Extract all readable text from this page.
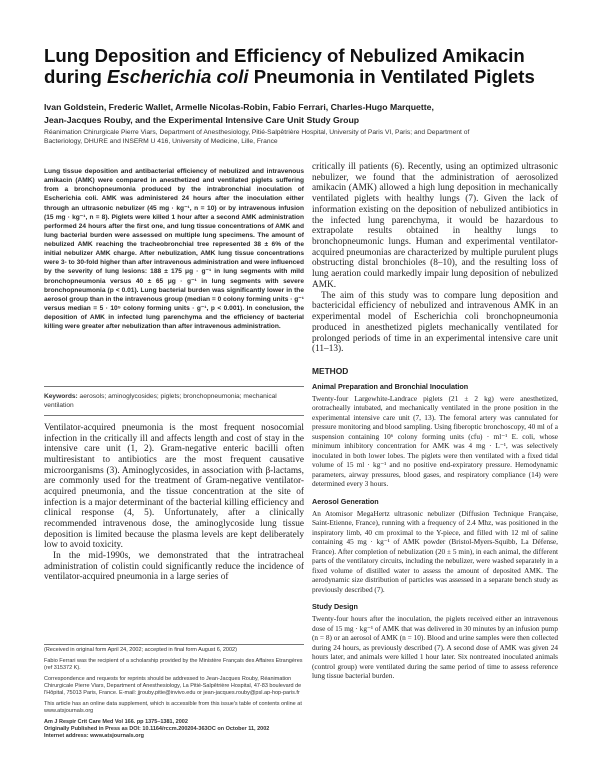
Lung Deposition and Efficiency of Nebulized Amikacin
during Escherichia coli Pneumonia in Ventilated Piglets
Ivan Goldstein, Frederic Wallet, Armelle Nicolas-Robin, Fabio Ferrari, Charles-Hugo Marquette,
Jean-Jacques Rouby, and the Experimental Intensive Care Unit Study Group
Réanimation Chirurgicale Pierre Viars, Department of Anesthesiology, Pitié-Salpêtrière Hospital, University of Paris VI, Paris; and Department of
Bacteriology, DHURE and INSERM U 416, University of Medicine, Lille, France

Lung tissue deposition and antibacterial efficiency of nebulized and intravenous amikacin (AMK) were compared in anesthetized and ventilated piglets suffering from a bronchopneumonia produced by the intrabronchial inoculation of Escherichia coli. AMK was administered 24 hours after the inoculation either through an ultrasonic nebulizer (45 mg · kg⁻¹, n = 10) or by intravenous infusion (15 mg · kg⁻¹, n = 8). Piglets were killed 1 hour after a second AMK administration performed 24 hours after the first one, and lung tissue concentrations of AMK and lung bacterial burden were assessed on multiple lung specimens. The amount of nebulized AMK reaching the tracheobronchial tree represented 38 ± 6% of the initial nebulizer AMK charge. After nebulization, AMK lung tissue concentrations were 3- to 30-fold higher than after intravenous administration and were influenced by the severity of lung lesions: 188 ± 175 μg · g⁻¹ in lung segments with mild bronchopneumonia versus 40 ± 65 μg · g⁻¹ in lung segments with severe bronchopneumonia (p < 0.01). Lung bacterial burden was significantly lower in the aerosol group than in the intravenous group (median = 0 colony forming units · g⁻¹ versus median = 5 · 10⁵ colony forming units · g⁻¹, p < 0.001). In conclusion, the deposition of AMK in infected lung parenchyma and the efficiency of bacterial killing were greater after nebulization than after intravenous administration.

Keywords: aerosols; aminoglycosides; piglets; bronchopneumonia; mechanical ventilation

Ventilator-acquired pneumonia is the most frequent nosocomial infection in the critically ill and affects length and cost of stay in the intensive care unit (1, 2). Gram-negative enteric bacilli often multiresistant to antibiotics are the most frequent causative microorganisms (3). Aminoglycosides, in association with β-lactams, are commonly used for the treatment of Gram-negative ventilator-acquired pneumonia, and the tissue concentration at the site of infection is a major determinant of the bacterial killing efficiency and clinical response (4, 5). Unfortunately, after a clinically recommended intravenous dose, the aminoglycoside lung tissue deposition is limited because the plasma levels are kept deliberately low to avoid toxicity.

In the mid-1990s, we demonstrated that the intratracheal administration of colistin could significantly reduce the incidence of ventilator-acquired pneumonia in a large series of

(Received in original form April 24, 2002; accepted in final form August 6, 2002)

Fabio Ferrari was the recipient of a scholarship provided by the Ministère Français des Affaires Etrangères (ref 315372 K).

Correspondence and requests for reprints should be addressed to Jean-Jacques Rouby, Réanimation Chirurgicale Pierre Viars, Department of Anesthesiology, La Pitié-Salpêtrière Hospital, 47-83 boulevard de l'Hôpital, 75013 Paris, France. E-mail: jjrouby.pitie@invivo.edu or jean-jacques.rouby@psl.ap-hop-paris.fr

This article has an online data supplement, which is accessible from this issue's table of contents online at www.atsjournals.org

Am J Respir Crit Care Med Vol 166. pp 1375–1381, 2002

Originally Published in Press as DOI: 10.1164/rccm.200204-363OC on October 11, 2002

Internet address: www.atsjournals.org

critically ill patients (6). Recently, using an optimized ultrasonic nebulizer, we found that the administration of aerosolized amikacin (AMK) allowed a high lung deposition in mechanically ventilated piglets with healthy lungs (7). Given the lack of information existing on the deposition of nebulized antibiotics in the infected lung parenchyma, it would be hazardous to extrapolate results obtained in healthy lungs to bronchopneumonic lungs. Human and experimental ventilator-acquired pneumonias are characterized by multiple purulent plugs obstructing distal bronchioles (8–10), and the resulting loss of lung aeration could markedly impair lung deposition of nebulized AMK.

The aim of this study was to compare lung deposition and bactericidal efficiency of nebulized and intravenous AMK in an experimental model of Escherichia coli bronchopneumonia produced in anesthetized piglets mechanically ventilated for prolonged periods of time in an experimental intensive care unit (11–13).

METHOD
Animal Preparation and Bronchial Inoculation

Twenty-four Largewhite-Landrace piglets (21 ± 2 kg) were anesthetized, orotracheally intubated, and mechanically ventilated in the prone position in the experimental intensive care unit (7, 13). The femoral artery was cannulated for pressure monitoring and blood sampling. Using fiberoptic bronchoscopy, 40 ml of a suspension containing 10⁶ colony forming units (cfu) · ml⁻¹ E. coli, whose minimum inhibitory concentration for AMK was 4 mg · L⁻¹, was selectively inoculated in both lower lobes. The piglets were then ventilated with a fixed tidal volume of 15 ml · kg⁻¹ and no positive end-expiratory pressure. Hemodynamic parameters, airway pressures, blood gases, and respiratory compliance (14) were determined every 3 hours.

Aerosol Generation

An Atomisor MegaHertz ultrasonic nebulizer (Diffusion Technique Française, Saint-Etienne, France), running with a frequency of 2.4 Mhz, was positioned in the inspiratory limb, 40 cm proximal to the Y-piece, and filled with 12 ml of saline containing 45 mg · kg⁻¹ of AMK powder (Bristol-Myers-Squibb, La Défense, France). After completion of nebulization (20 ± 5 min), in each animal, the different parts of the ventilatory circuits, including the nebulizer, were washed separately in a fixed volume of distilled water to assess the amount of deposited AMK. The aerodynamic size distribution of particles was assessed in a separate bench study as previously described (7).

Study Design

Twenty-four hours after the inoculation, the piglets received either an intravenous dose of 15 mg · kg⁻¹ of AMK that was delivered in 30 minutes by an infusion pump (n = 8) or an aerosol of AMK (n = 10). Blood and urine samples were then collected during 24 hours, as previously described (7). A second dose of AMK was given 24 hours later, and animals were killed 1 hour later. Six nontreated inoculated animals (control group) were ventilated during the same period of time to assess reference lung tissue bacterial burden.
